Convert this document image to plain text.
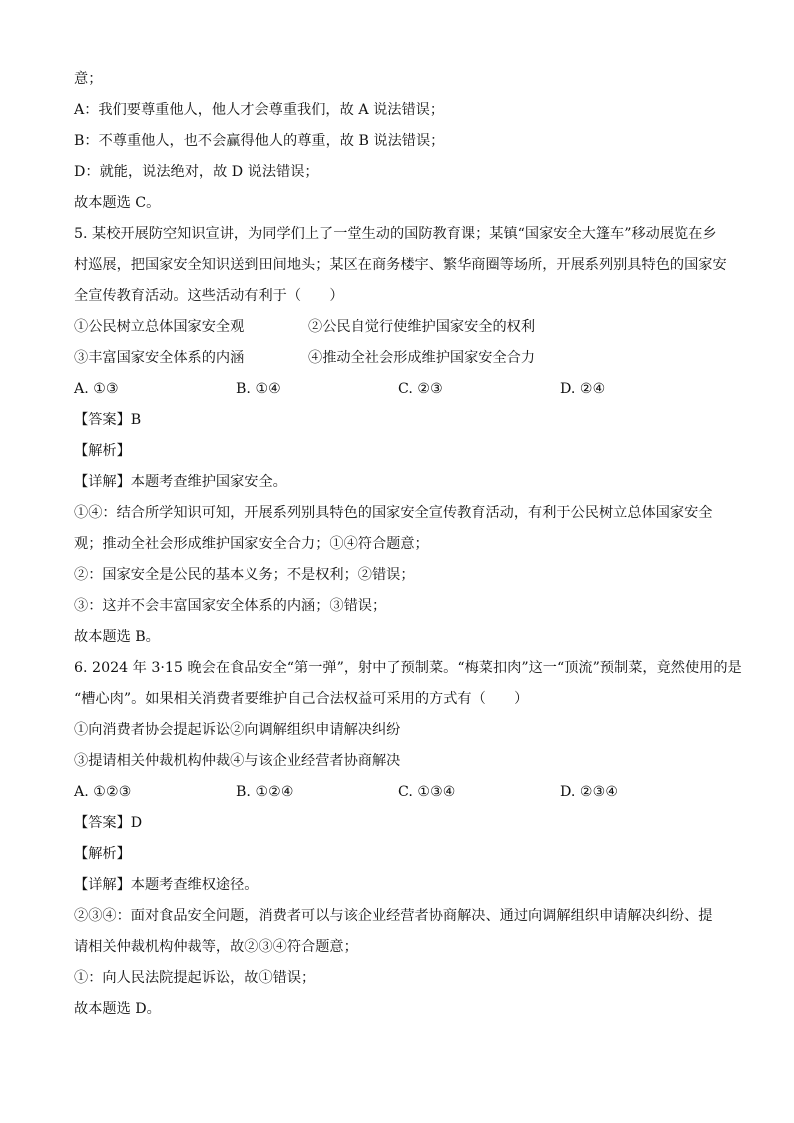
意；
A：我们要尊重他人，他人才会尊重我们，故 A 说法错误；
B：不尊重他人，也不会赢得他人的尊重，故 B 说法错误；
D：就能，说法绝对，故 D 说法错误；
故本题选 C。
5. 某校开展防空知识宣讲，为同学们上了一堂生动的国防教育课；某镇“国家安全大篷车”移动展览在乡
村巡展，把国家安全知识送到田间地头；某区在商务楼宇、繁华商圈等场所，开展系列别具特色的国家安
全宣传教育活动。这些活动有利于（　　）
①公民树立总体国家安全观	②公民自觉行使维护国家安全的权利
③丰富国家安全体系的内涵	④推动全社会形成维护国家安全合力
A. ①③	B. ①④	C. ②③	D. ②④
【答案】B
【解析】
【详解】本题考查维护国家安全。
①④：结合所学知识可知，开展系列别具特色的国家安全宣传教育活动，有利于公民树立总体国家安全
观；推动全社会形成维护国家安全合力；①④符合题意；
②：国家安全是公民的基本义务；不是权利；②错误；
③：这并不会丰富国家安全体系的内涵；③错误；
故本题选 B。
6. 2024 年 3·15 晚会在食品安全“第一弹”，射中了预制菜。“梅菜扣肉”这一“顶流”预制菜，竟然使用的是
“槽心肉”。如果相关消费者要维护自己合法权益可采用的方式有（　　）
①向消费者协会提起诉讼②向调解组织申请解决纠纷
③提请相关仲裁机构仲裁④与该企业经营者协商解决
A. ①②③	B. ①②④	C. ①③④	D. ②③④
【答案】D
【解析】
【详解】本题考查维权途径。
②③④：面对食品安全问题，消费者可以与该企业经营者协商解决、通过向调解组织申请解决纠纷、提
请相关仲裁机构仲裁等，故②③④符合题意；
①：向人民法院提起诉讼，故①错误；
故本题选 D。
